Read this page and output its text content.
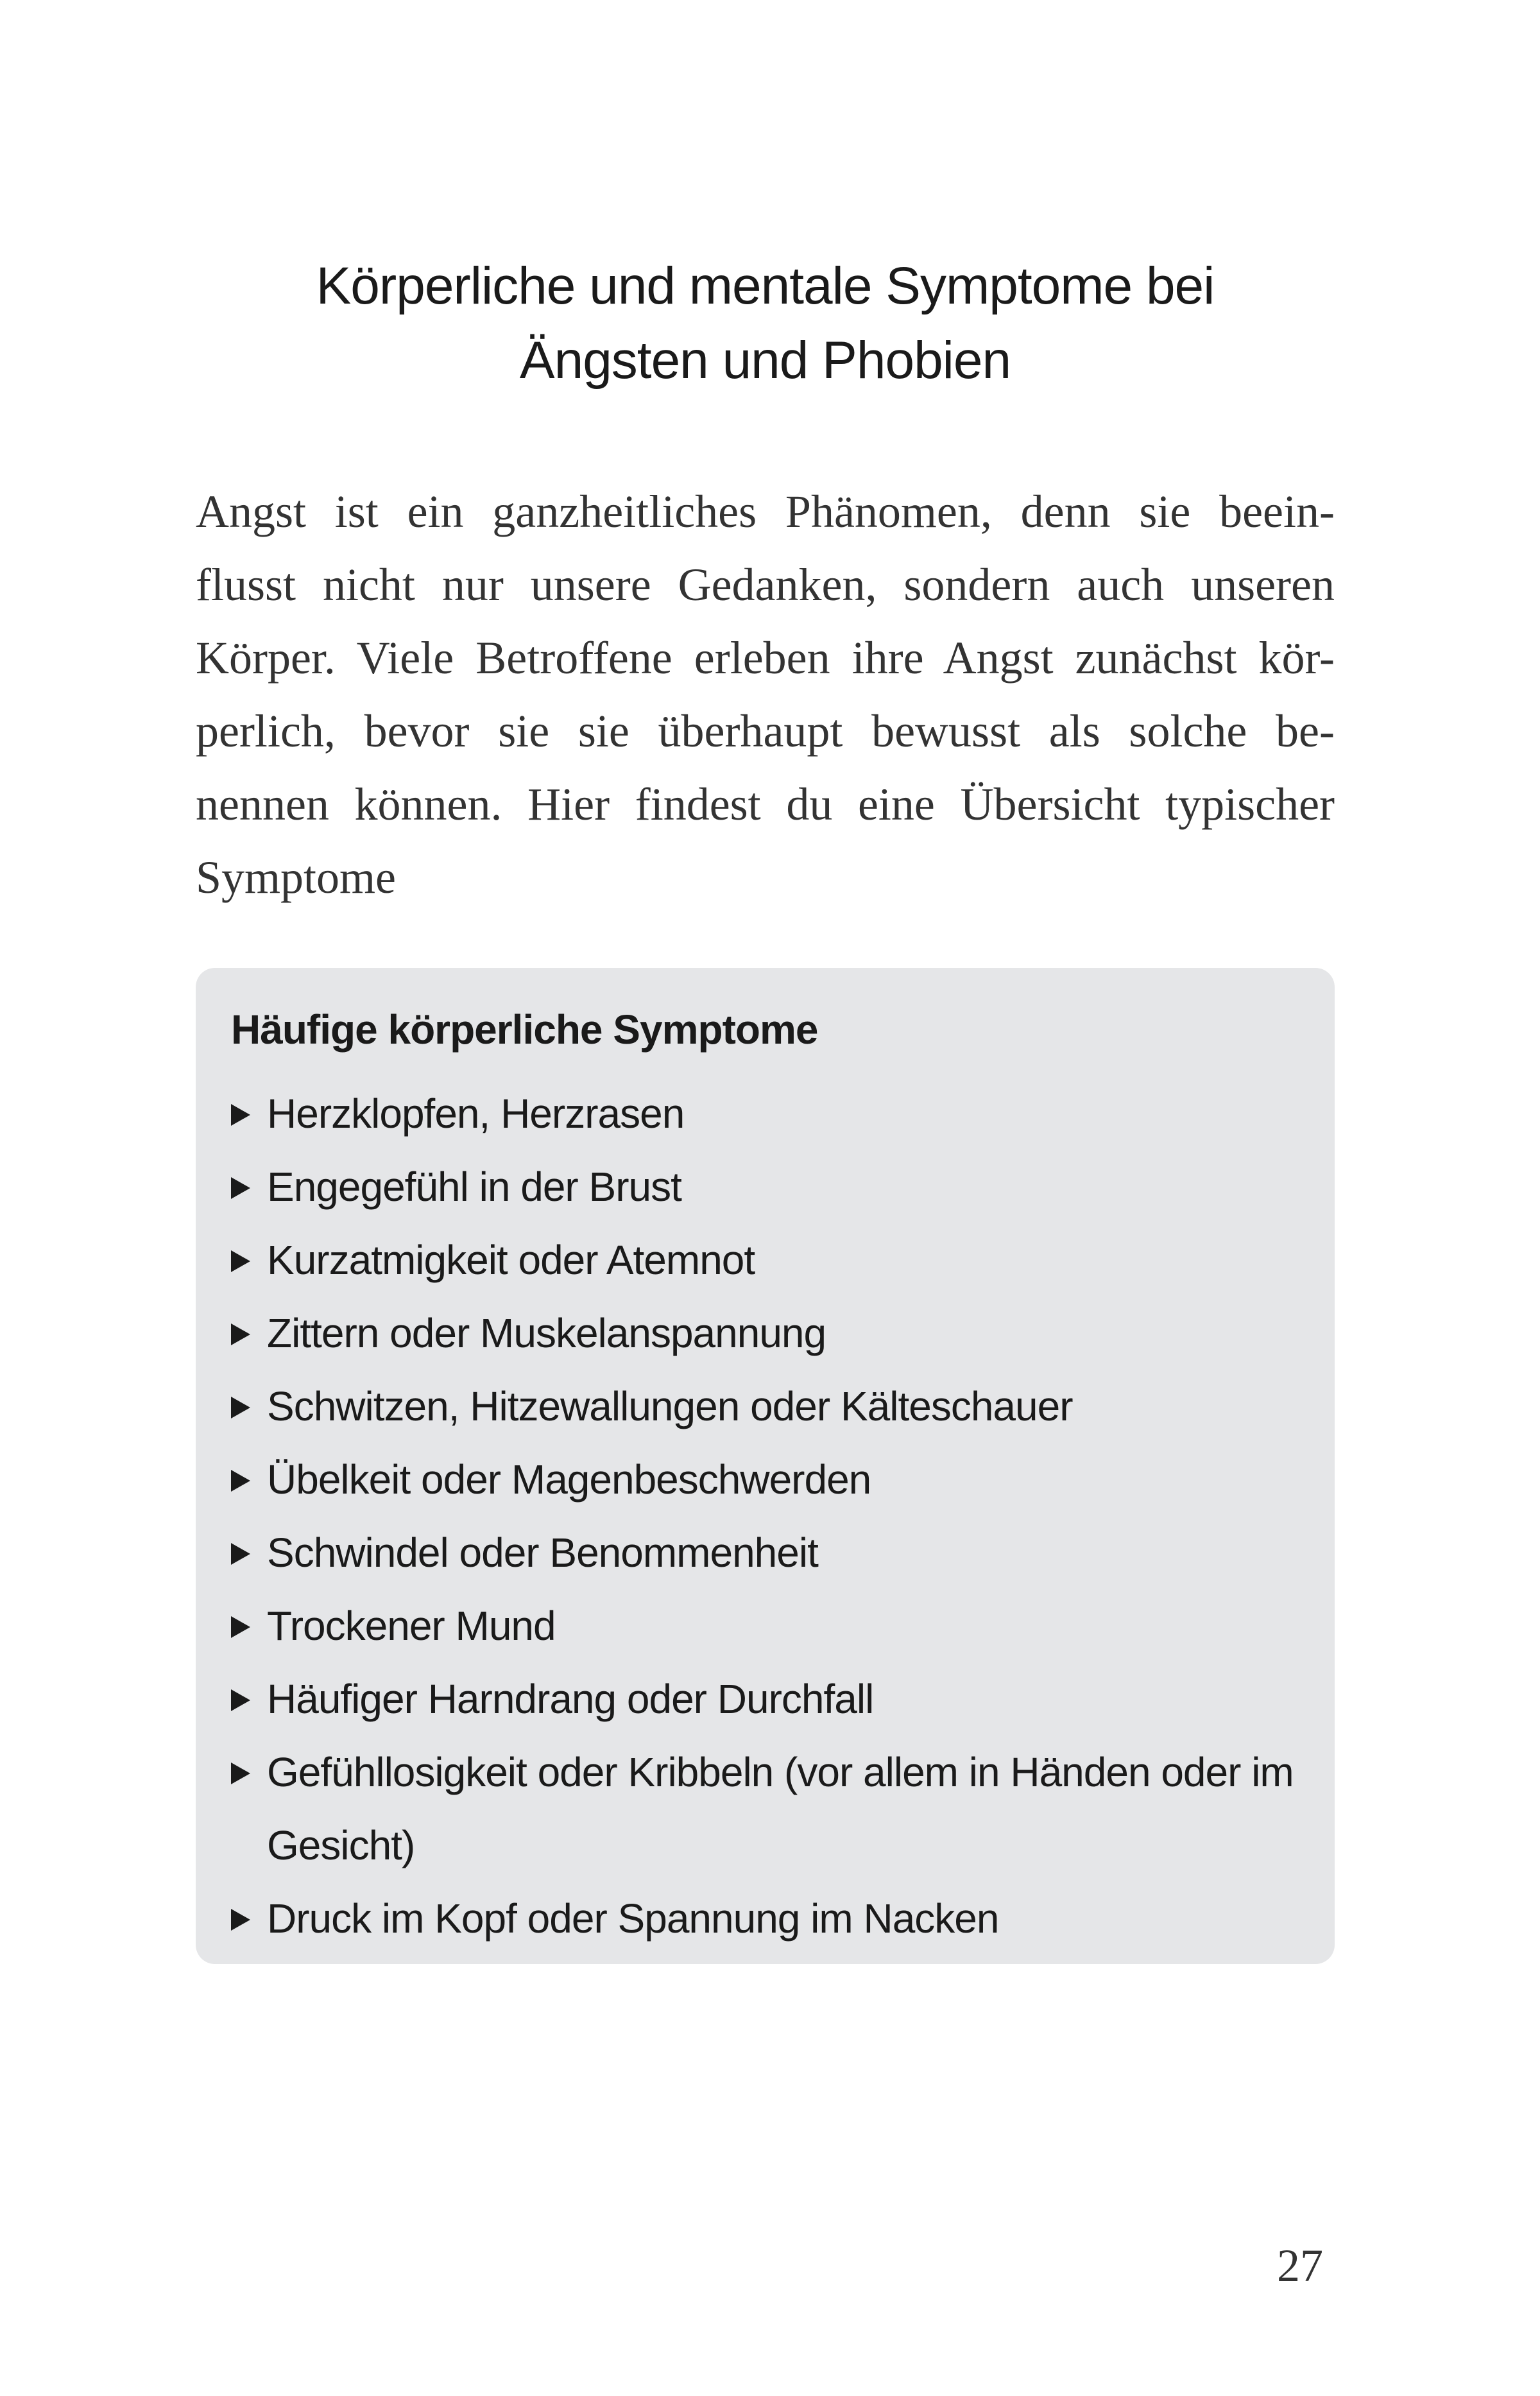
Körperliche und mentale Symptome bei
Ängsten und Phobien

Angst ist ein ganzheitliches Phänomen, denn sie beein-
flusst nicht nur unsere Gedanken, sondern auch unseren
Körper. Viele Betroffene erleben ihre Angst zunächst kör-
perlich, bevor sie sie überhaupt bewusst als solche be-
nennen können. Hier findest du eine Übersicht typischer
Symptome

Häufige körperliche Symptome
Herzklopfen, Herzrasen
Engegefühl in der Brust
Kurzatmigkeit oder Atemnot
Zittern oder Muskelanspannung
Schwitzen, Hitzewallungen oder Kälteschauer
Übelkeit oder Magenbeschwerden
Schwindel oder Benommenheit
Trockener Mund
Häufiger Harndrang oder Durchfall
Gefühllosigkeit oder Kribbeln (vor allem in Händen oder im Gesicht)
Druck im Kopf oder Spannung im Nacken
27
